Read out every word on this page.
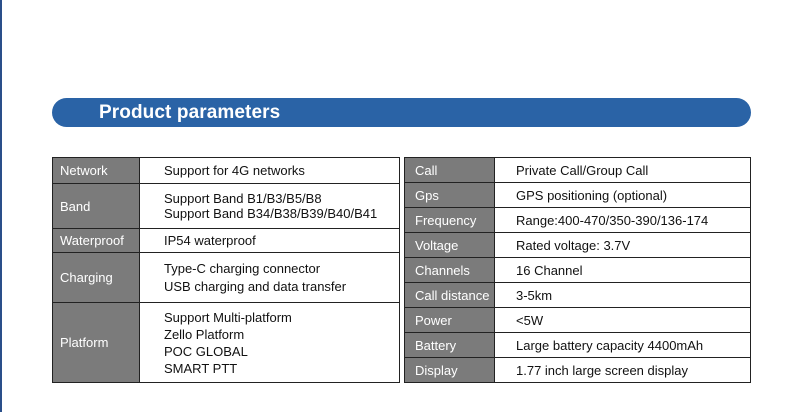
Product parameters
Network	Support for 4G networks

Band	Support Band B1/B3/B5/B8
Support Band B34/B38/B39/B40/B41

Waterproof	IP54 waterproof

Charging	Type-C charging connector
USB charging and data transfer

Platform	Support Multi-platform
Zello Platform
POC GLOBAL
SMART PTT
Call	Private Call/Group Call
Gps	GPS positioning (optional)
Frequency	Range:400-470/350-390/136-174
Voltage	Rated voltage: 3.7V
Channels	16 Channel
Call distance	3-5km
Power	<5W
Battery	Large battery capacity 4400mAh
Display	1.77 inch large screen display
